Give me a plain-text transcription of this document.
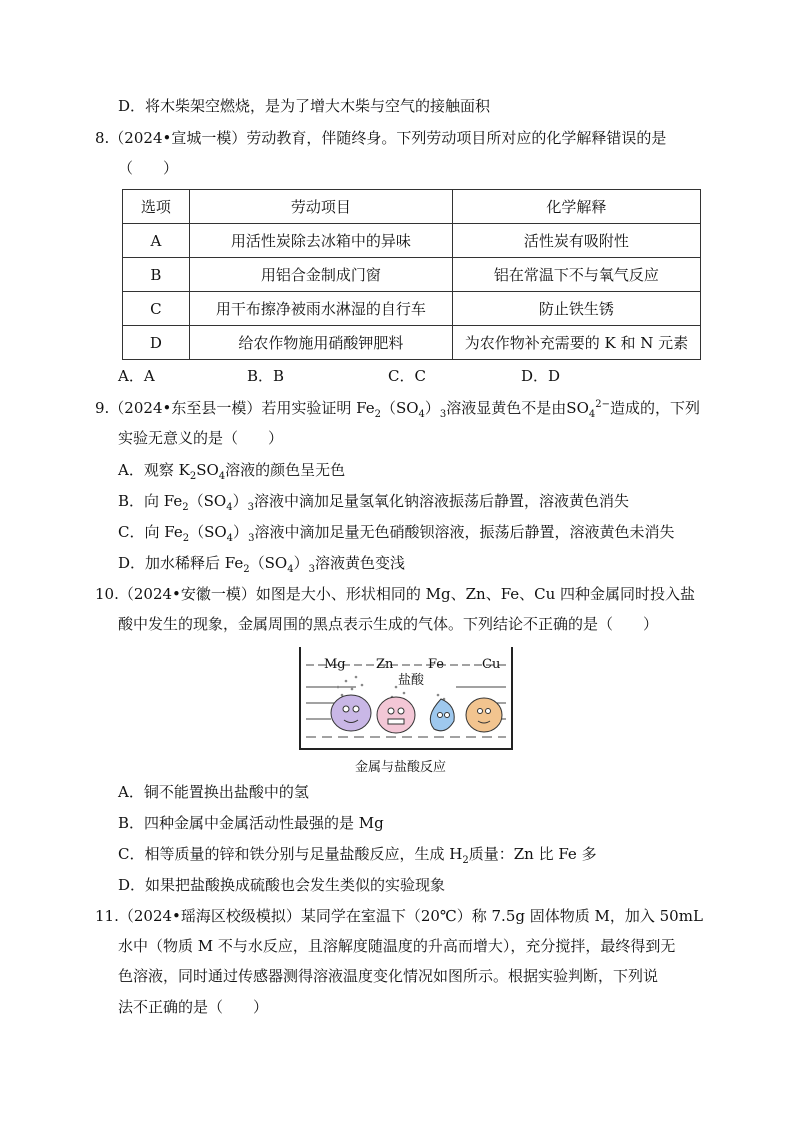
D．将木柴架空燃烧，是为了增大木柴与空气的接触面积
8.（2024•宣城一模）劳动教育，伴随终身。下列劳动项目所对应的化学解释错误的是
（　　）
选项	劳动项目	化学解释
A	用活性炭除去冰箱中的异味	活性炭有吸附性
B	用铝合金制成门窗	铝在常温下不与氧气反应
C	用干布擦净被雨水淋湿的自行车	防止铁生锈
D	给农作物施用硝酸钾肥料	为农作物补充需要的 K 和 N 元素
A．A	B．B	C．C	D．D
9.（2024•东至县一模）若用实验证明 $Fe_2(SO_4)_3$溶液显黄色不是由$SO_4^{2-}$造成的，下列
实验无意义的是（　　）
A．观察 $K_2SO_4$溶液的颜色呈无色
B．向 $Fe_2(SO_4)_3$溶液中滴加足量氢氧化钠溶液振荡后静置，溶液黄色消失
C．向 $Fe_2(SO_4)_3$溶液中滴加足量无色硝酸钡溶液，振荡后静置，溶液黄色未消失
D．加水稀释后 $Fe_2(SO_4)_3$溶液黄色变浅
10.（2024•安徽一模）如图是大小、形状相同的 Mg、Zn、Fe、Cu 四种金属同时投入盐
酸中发生的现象，金属周围的黑点表示生成的气体。下列结论不正确的是（　　）
Mg Zn	Fe	Cu
盐酸
金属与盐酸反应
A．铜不能置换出盐酸中的氢
B．四种金属中金属活动性最强的是 Mg
C．相等质量的锌和铁分别与足量盐酸反应，生成 $H_2$质量：Zn 比 Fe 多
D．如果把盐酸换成硫酸也会发生类似的实验现象
11.（2024•瑶海区校级模拟）某同学在室温下（20℃）称 7.5g 固体物质 M，加入 50mL
水中（物质 M 不与水反应，且溶解度随温度的升高而增大），充分搅拌，最终得到无
色溶液，同时通过传感器测得溶液温度变化情况如图所示。根据实验判断，下列说
法不正确的是（　　）
